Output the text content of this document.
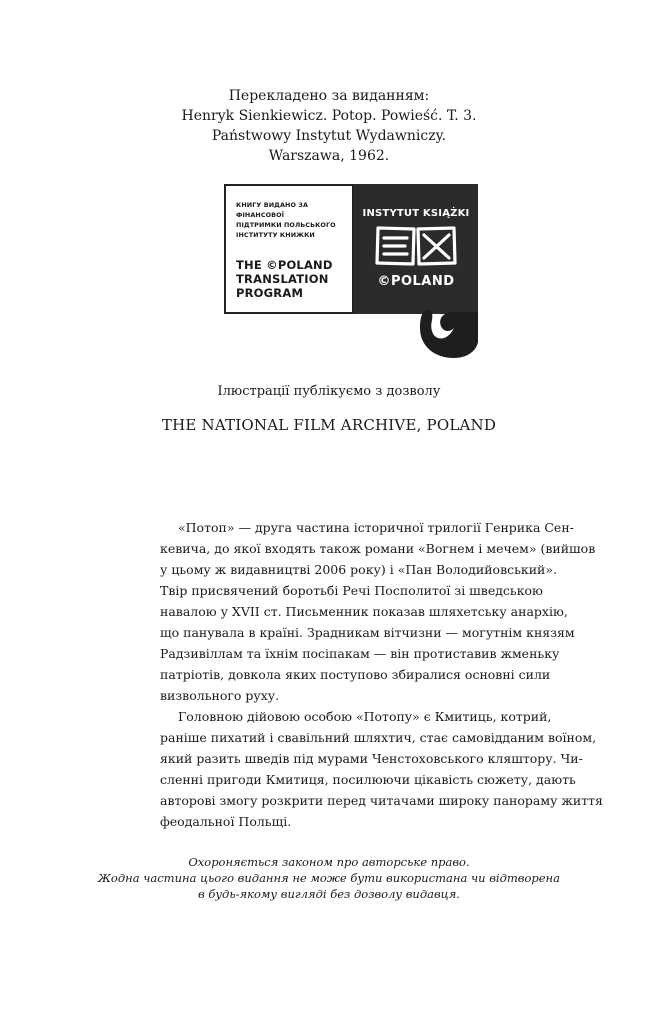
Перекладено за виданням:
Henryk Sienkiewicz. Potop. Powieść. T. 3.
Państwowy Instytut Wydawniczy.
Warszawa, 1962.
КНИГУ ВИДАНО ЗА ФІНАНСОВОЇ
ПІДТРИМКИ ПОЛЬСЬКОГО
ІНСТИТУТУ КНИЖКИ
THE ©POLAND
TRANSLATION
PROGRAM
INSTYTUT KSIĄŻKI
©POLAND
Ілюстрації публікуємо з дозволу
THE NATIONAL FILM ARCHIVE, POLAND

«Потоп» — друга частина історичної трилогії Генрика Сен-
кевича, до якої входять також романи «Вогнем і мечем» (вийшов
у цьому ж видавництві 2006 року) і «Пан Володийовський».
Твір присвячений боротьбі Речі Посполитої зі шведською
навалою у XVII ст. Письменник показав шляхетську анархію,
що панувала в країні. Зрадникам вітчизни — могутнім князям
Радзивіллам та їхнім посіпакам — він протиставив жменьку
патріотів, довкола яких поступово збиралися основні сили
визвольного руху.

Головною дійовою особою «Потопу» є Кмитиць, котрий,
раніше пихатий і свавільний шляхтич, стає самовідданим воїном,
який разить шведів під мурами Ченстоховського кляштору. Чи-
сленні пригоди Кмитиця, посилюючи цікавість сюжету, дають
авторові змогу розкрити перед читачами широку панораму життя
феодальної Польщі.

Охороняється законом про авторське право.
Жодна частина цього видання не може бути використана чи відтворена
в будь-якому вигляді без дозволу видавця.
